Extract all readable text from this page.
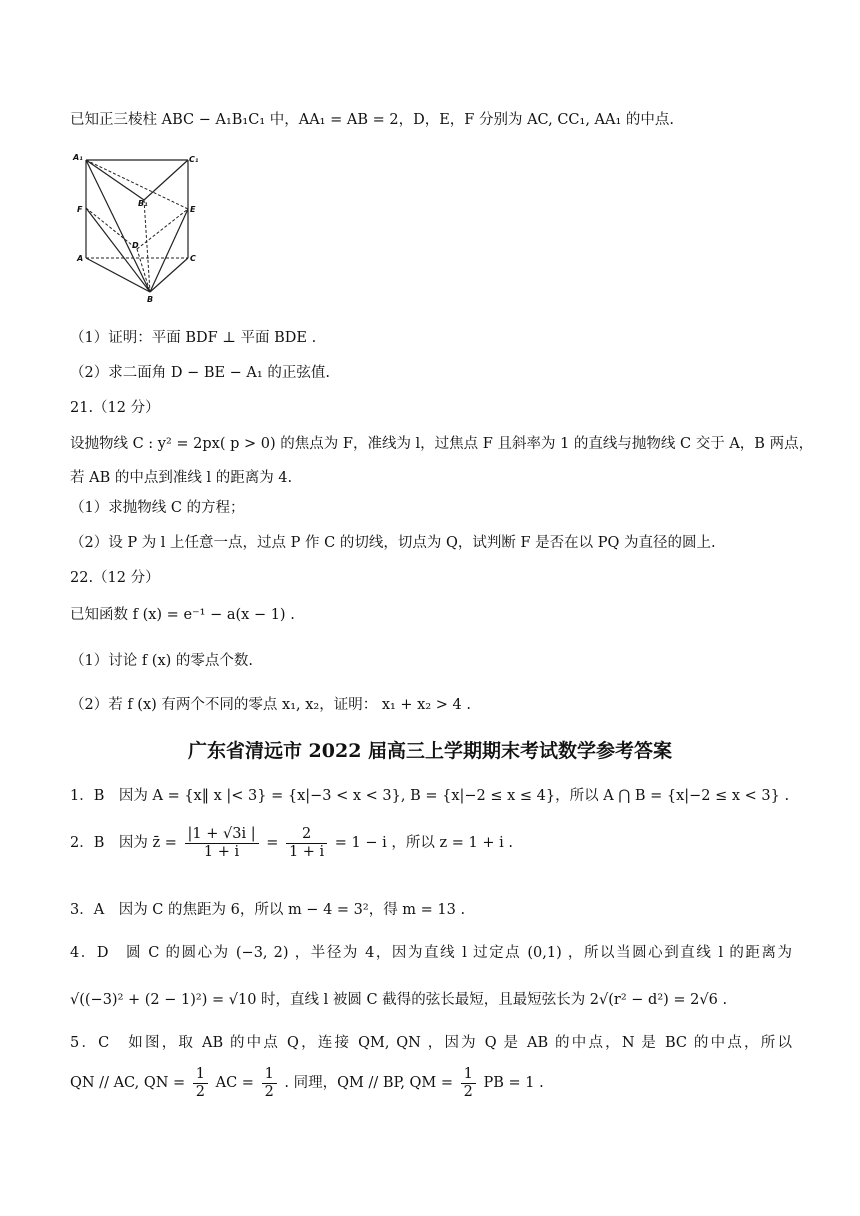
已知正三棱柱 ABC − A₁B₁C₁ 中，AA₁ = AB = 2，D，E，F 分别为 AC, CC₁, AA₁ 的中点.
A₁	C₁
B₁
F	E
D
A	C
B
（1）证明：平面 BDF ⊥ 平面 BDE .
（2）求二面角 D − BE − A₁ 的正弦值.
21.（12 分）
设抛物线 C : y² = 2px( p > 0) 的焦点为 F，准线为 l，过焦点 F 且斜率为 1 的直线与抛物线 C 交于 A，B 两点，
若 AB 的中点到准线 l 的距离为 4.
（1）求抛物线 C 的方程；
（2）设 P 为 l 上任意一点，过点 P 作 C 的切线，切点为 Q，试判断 F 是否在以 PQ 为直径的圆上.
22.（12 分）
已知函数 f (x) = e⁻¹ − a(x − 1) .
（1）讨论 f (x) 的零点个数.
（2）若 f (x) 有两个不同的零点 x₁, x₂，证明： x₁ + x₂ > 4 .
广东省清远市 2022 届高三上学期期末考试数学参考答案
1．B　因为 A = {x‖ x |< 3} = {x|−3 < x < 3}, B = {x|−2 ≤ x ≤ 4}，所以 A ⋂ B = {x|−2 ≤ x < 3} .
2．B　因为 z̄ = $\frac{|1 + √3i |}{1 + i} = \frac{2}{1 + i} = 1 - i$ ，所以 z = 1 + i .
3．A　因为 C 的焦距为 6，所以 m − 4 = 3²，得 m = 13 .
4．D　圆 C 的圆心为 (−3, 2) ，半径为 4，因为直线 l 过定点 (0,1) ，所以当圆心到直线 l 的距离为
√((−3)² + (2 − 1)²) = √10 时，直线 l 被圆 C 截得的弦长最短，且最短弦长为 2√(r² − d²) = 2√6 .
5．C　如图，取 AB 的中点 Q，连接 QM, QN ，因为 Q 是 AB 的中点，N 是 BC 的中点，所以
QN // AC, QN = $\frac{1}{2}$ AC = $\frac{1}{2}$ . 同理，QM // BP, QM = $\frac{1}{2}$ PB = 1 .
